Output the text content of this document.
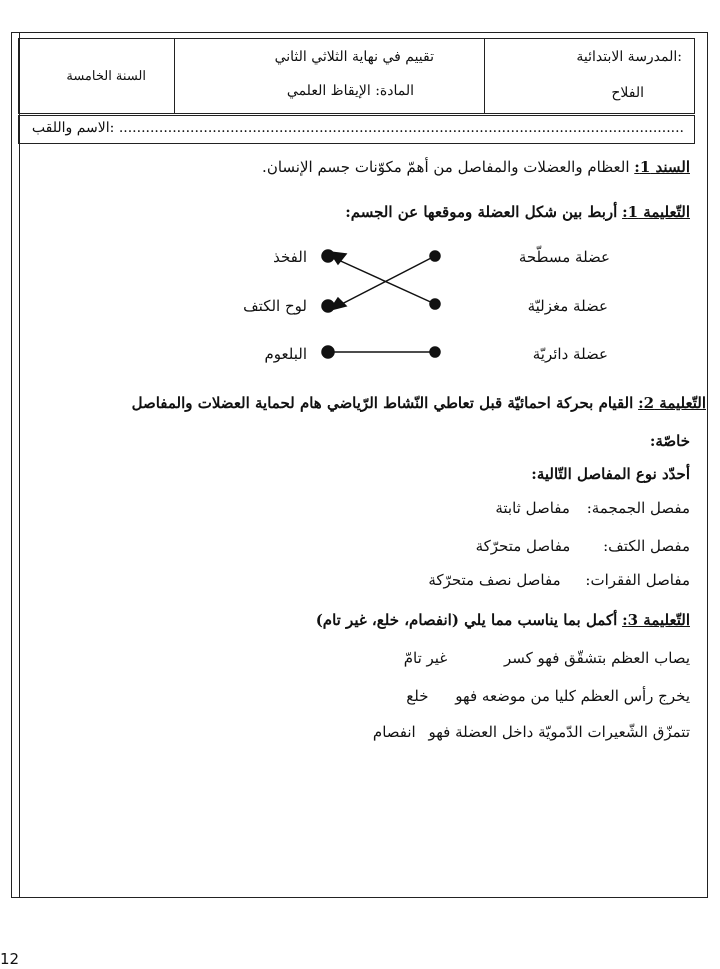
المدرسة الابتدائية:
الفلاح
تقييم في نهاية الثلاثي الثاني
المادة: الإيقاظ العلمي
السنة الخامسة
الاسم واللقب: ...............................................................................................................................
السند 1: العظام والعضلات والمفاصل من أهمّ مكوّنات جسم الإنسان.
التّعليمة 1: أربط بين شكل العضلة وموقعها عن الجسم:
عضلة مسطّحة
عضلة مغزليّة
عضلة دائريّة
الفخذ
لوح الكتف
البلعوم
التّعليمة 2: القيام بحركة احمائيّة قبل تعاطي النّشاط الرّياضي هام لحماية العضلات والمفاصل
خاصّة:
أحدّد نوع المفاصل التّالية:
مفصل الجمجمة: مفاصل ثابتة
مفصل الكتف: مفاصل متحرّكة
مفاصل الفقرات: مفاصل نصف متحرّكة
التّعليمة 3: أكمل بما يناسب مما يلي (انفصام، خلع، غير تام)
يصاب العظم بتشقّق فهو كسر غير تامّ
يخرج رأس العظم كليا من موضعه فهو خلع
تتمزّق الشّعيرات الدّمويّة داخل العضلة فهو انفصام
12
